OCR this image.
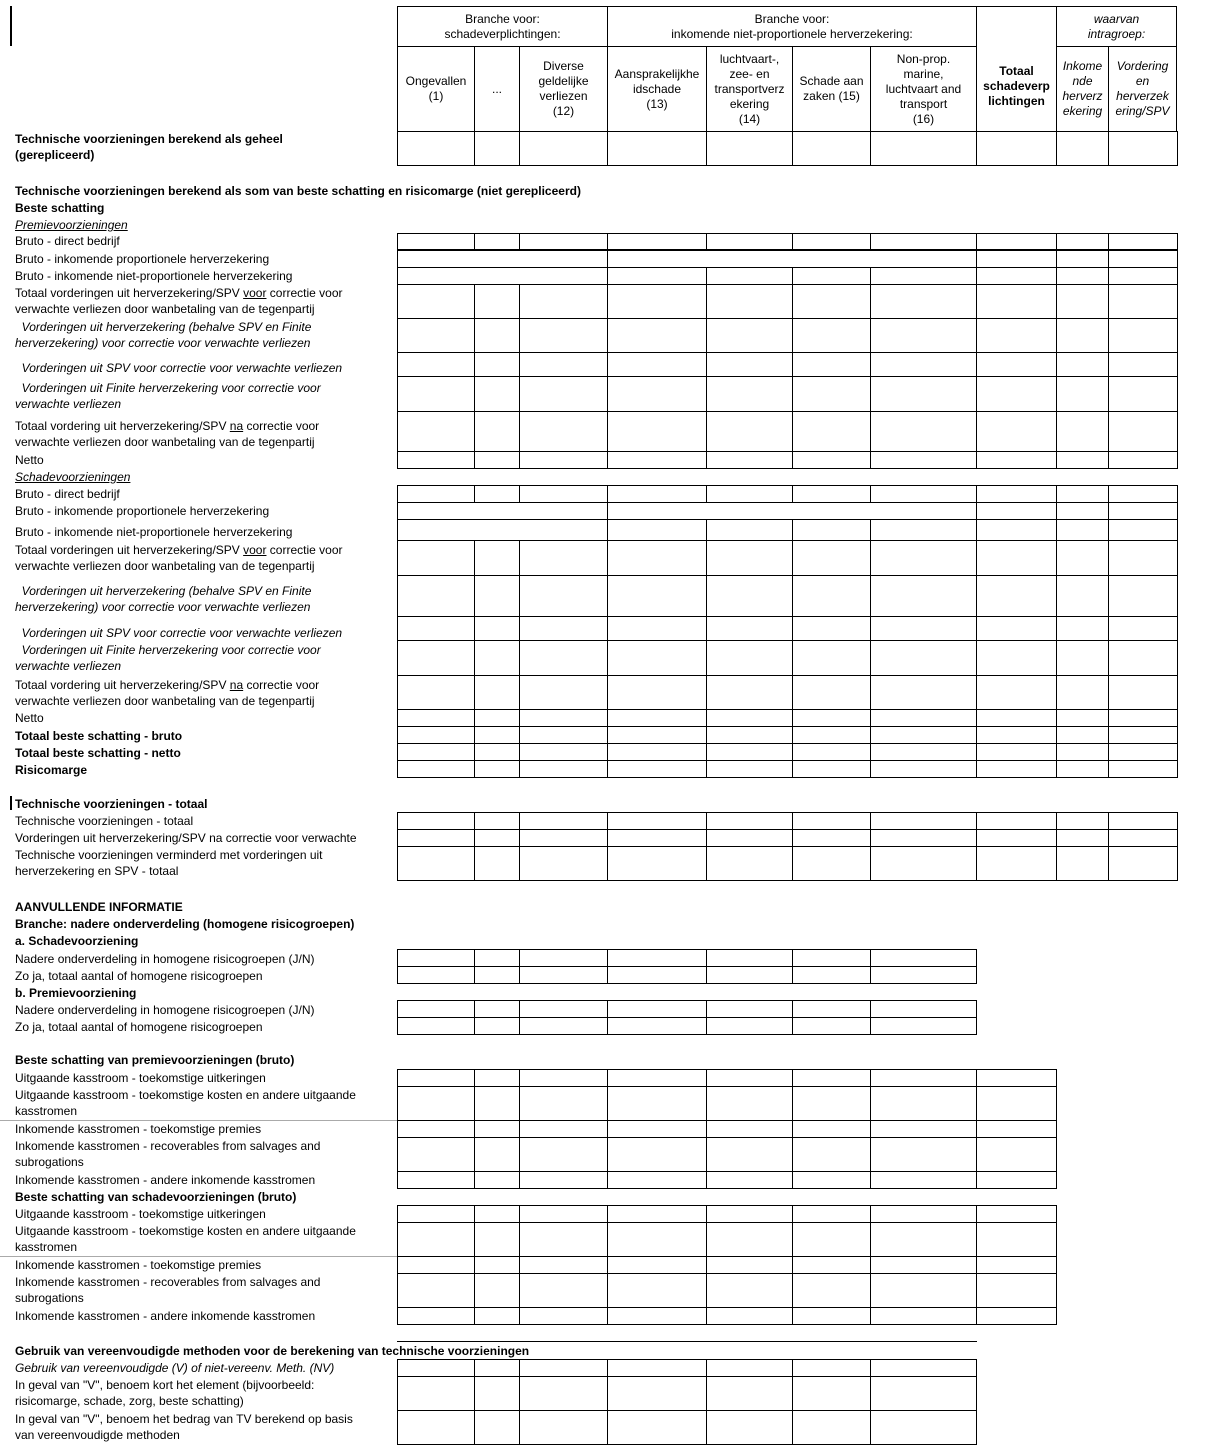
Branche voor:
schadeverplichtingen:
Branche voor:
inkomende niet-proportionele herverzekering:
Totaal
schadeverp
lichtingen
waarvan
intragroep:
Ongevallen
(1)
...
Diverse
geldelijke
verliezen
(12)
Aansprakelijkhe
idschade
(13)
luchtvaart-,
zee- en
transportverz
ekering
(14)
Schade aan
zaken (15)
Non-prop.
marine,
luchtvaart and
transport
(16)
Inkome
nde
herverz
ekering
Vordering
en
herverzek
ering/SPV
Technische voorzieningen berekend als geheel
(gerepliceerd)
Technische voorzieningen berekend als som van beste schatting en risicomarge (niet gerepliceerd)
Beste schatting
Premievoorzieningen
Bruto - direct bedrijf
Bruto - inkomende proportionele herverzekering
Bruto - inkomende niet-proportionele herverzekering
Totaal vorderingen uit herverzekering/SPV voor correctie voor
verwachte verliezen door wanbetaling van de tegenpartij
Vorderingen uit herverzekering (behalve SPV en Finite
herverzekering) voor correctie voor verwachte verliezen
Vorderingen uit SPV voor correctie voor verwachte verliezen
Vorderingen uit Finite herverzekering voor correctie voor
verwachte verliezen
Totaal vordering uit herverzekering/SPV na correctie voor
verwachte verliezen door wanbetaling van de tegenpartij
Netto
Schadevoorzieningen
Bruto - direct bedrijf
Bruto - inkomende proportionele herverzekering
Bruto - inkomende niet-proportionele herverzekering
Totaal vorderingen uit herverzekering/SPV voor correctie voor
verwachte verliezen door wanbetaling van de tegenpartij
Vorderingen uit herverzekering (behalve SPV en Finite
herverzekering) voor correctie voor verwachte verliezen
Vorderingen uit SPV voor correctie voor verwachte verliezen
Vorderingen uit Finite herverzekering voor correctie voor
verwachte verliezen
Totaal vordering uit herverzekering/SPV na correctie voor
verwachte verliezen door wanbetaling van de tegenpartij
Netto
Totaal beste schatting - bruto
Totaal beste schatting - netto
Risicomarge
Technische voorzieningen - totaal
Technische voorzieningen - totaal
Vorderingen uit herverzekering/SPV na correctie voor verwachte
Technische voorzieningen verminderd met vorderingen uit
herverzekering en SPV - totaal
AANVULLENDE INFORMATIE
Branche: nadere onderverdeling (homogene risicogroepen)
a. Schadevoorziening
Nadere onderverdeling in homogene risicogroepen (J/N)
Zo ja, totaal aantal of homogene risicogroepen
b. Premievoorziening
Nadere onderverdeling in homogene risicogroepen (J/N)
Zo ja, totaal aantal of homogene risicogroepen
Beste schatting van premievoorzieningen (bruto)
Uitgaande kasstroom - toekomstige uitkeringen
Uitgaande kasstroom - toekomstige kosten en andere uitgaande
kasstromen
Inkomende kasstromen - toekomstige premies
Inkomende kasstromen - recoverables from salvages and
subrogations
Inkomende kasstromen - andere inkomende kasstromen
Beste schatting van schadevoorzieningen (bruto)
Uitgaande kasstroom - toekomstige uitkeringen
Uitgaande kasstroom - toekomstige kosten en andere uitgaande
kasstromen
Inkomende kasstromen - toekomstige premies
Inkomende kasstromen - recoverables from salvages and
subrogations
Inkomende kasstromen - andere inkomende kasstromen
Gebruik van vereenvoudigde methoden voor de berekening van technische voorzieningen
Gebruik van vereenvoudigde (V) of niet-vereenv. Meth. (NV)
In geval van "V", benoem kort het element (bijvoorbeeld:
risicomarge, schade, zorg, beste schatting)
In geval van "V", benoem het bedrag van TV berekend op basis
van vereenvoudigde methoden
